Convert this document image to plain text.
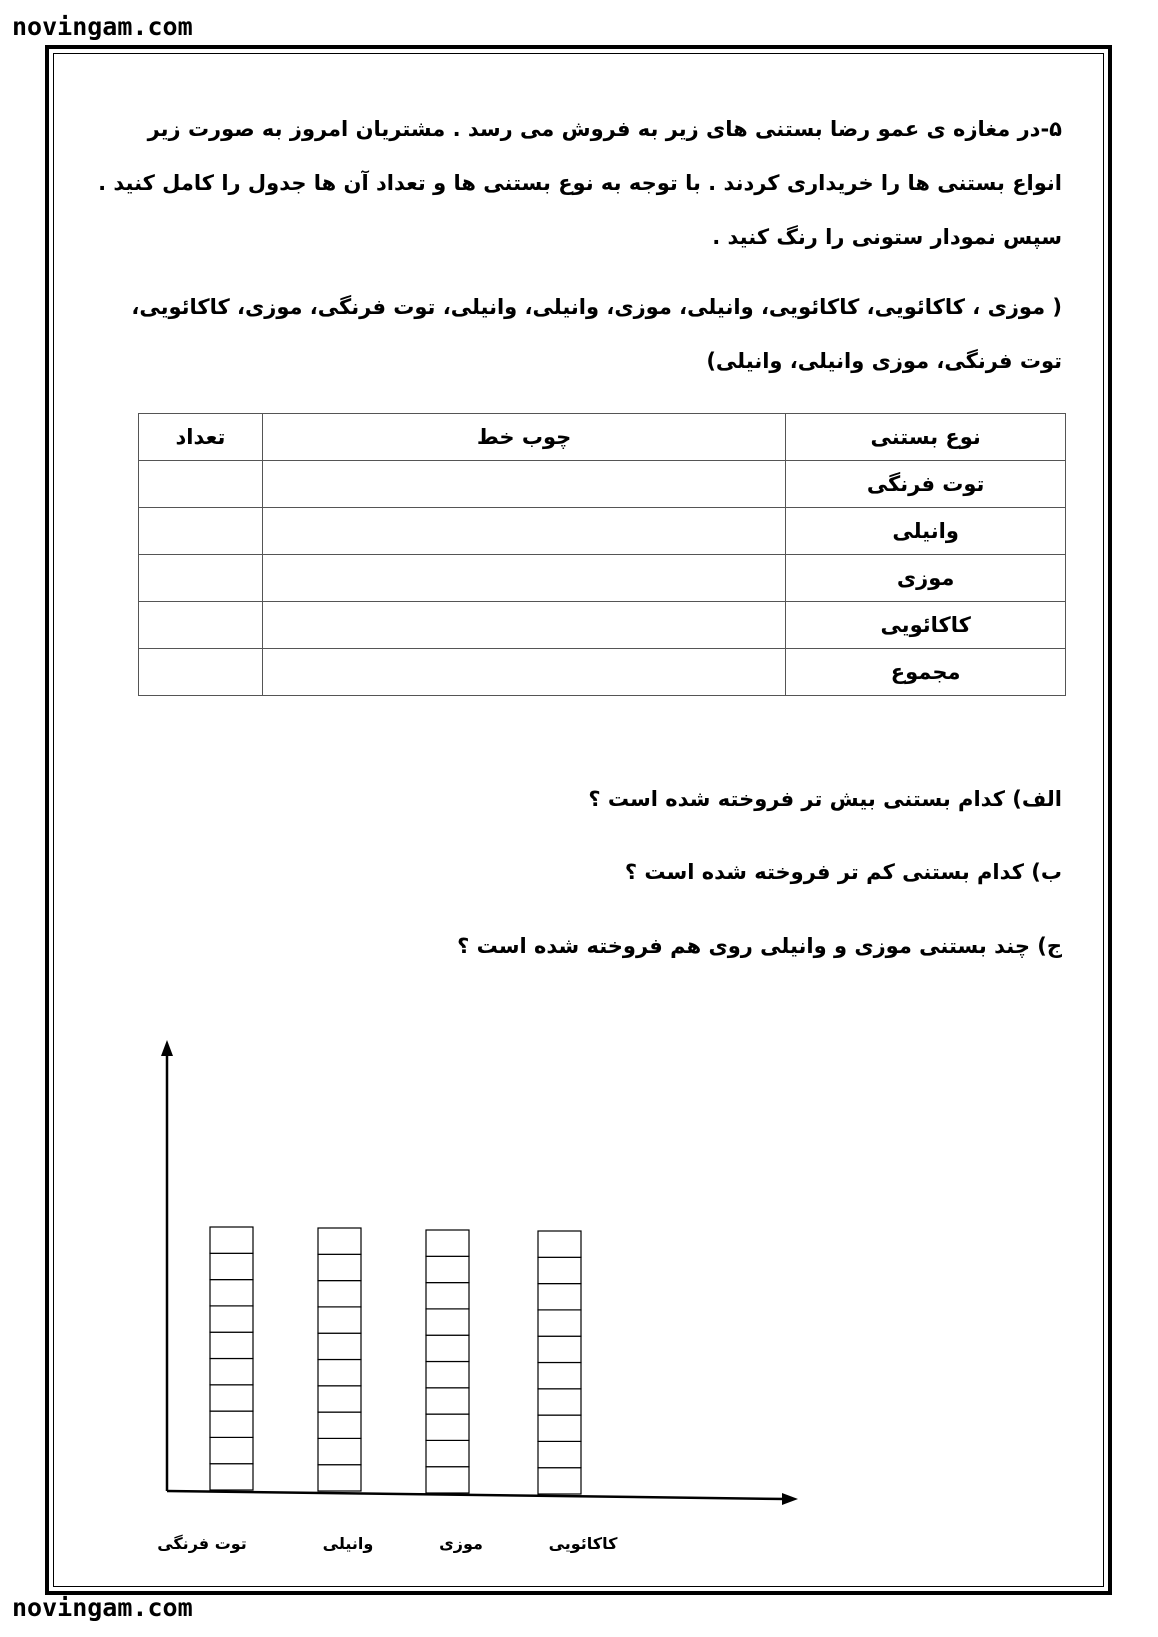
novingam.com
novingam.com
۵-در مغازه ی عمو رضا بستنی های زیر به فروش می رسد . مشتریان امروز به صورت زیر انواع بستنی ها را خریداری کردند . با توجه به نوع بستنی ها و تعداد آن ها جدول را کامل کنید . سپس نمودار ستونی را رنگ کنید .
( موزی ، کاکائویی، کاکائویی، وانیلی، موزی، وانیلی، وانیلی، توت فرنگی، موزی، کاکائویی، توت فرنگی، موزی وانیلی، وانیلی)
نوع بستنی	چوب خط	تعداد
توت فرنگی		
وانیلی		
موزی		
کاکائویی		
مجموع		
الف) کدام بستنی بیش تر فروخته شده است ؟
ب) کدام بستنی کم تر فروخته شده است ؟
ج) چند بستنی موزی و وانیلی روی هم فروخته شده است ؟
توت فرنگی	وانیلی	موزی	کاکائویی
